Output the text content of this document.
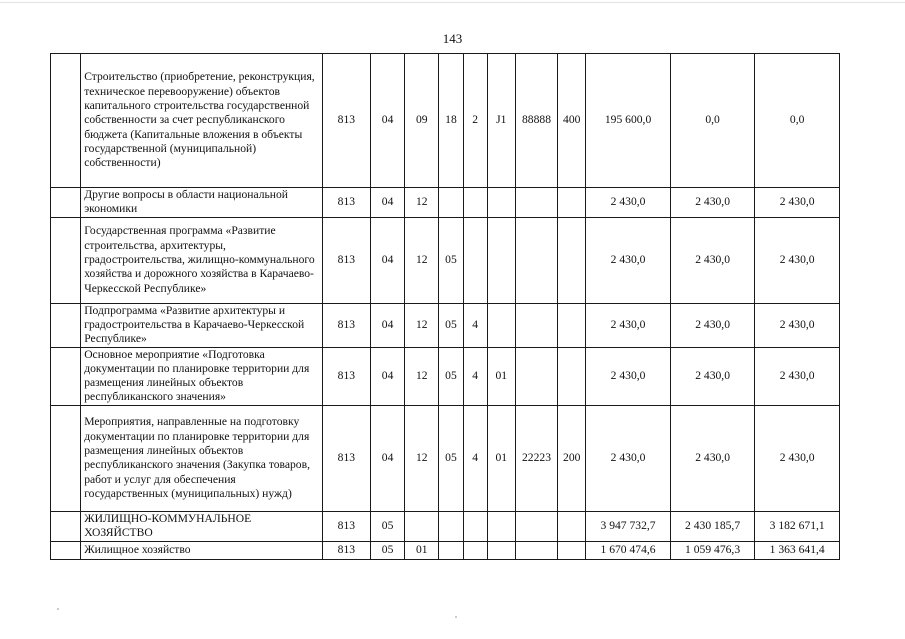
143
	Строительство (приобретение, реконструкция, техническое перевооружение) объектов капитального строительства государственной собственности за счет республиканского бюджета (Капитальные вложения в объекты государственной (муниципальной) собственности)	813	04	09	18	2	J1	88888	400	195 600,0	0,0	0,0
	Другие вопросы в области национальной экономики	813	04	12						2 430,0	2 430,0	2 430,0
	Государственная программа «Развитие строительства, архитектуры, градостроительства, жилищно-коммунального хозяйства и дорожного хозяйства в Карачаево-Черкесской Республике»	813	04	12	05					2 430,0	2 430,0	2 430,0
	Подпрограмма «Развитие архитектуры и градостроительства в Карачаево-Черкесской Республике»	813	04	12	05	4				2 430,0	2 430,0	2 430,0
	Основное мероприятие «Подготовка документации по планировке территории для размещения линейных объектов республиканского значения»	813	04	12	05	4	01			2 430,0	2 430,0	2 430,0
	Мероприятия, направленные на подготовку документации по планировке территории для размещения линейных объектов республиканского значения (Закупка товаров, работ и услуг для обеспечения государственных (муниципальных) нужд)	813	04	12	05	4	01	22223	200	2 430,0	2 430,0	2 430,0
	ЖИЛИЩНО-КОММУНАЛЬНОЕ ХОЗЯЙСТВО	813	05							3 947 732,7	2 430 185,7	3 182 671,1
	Жилищное хозяйство	813	05	01						1 670 474,6	1 059 476,3	1 363 641,4
